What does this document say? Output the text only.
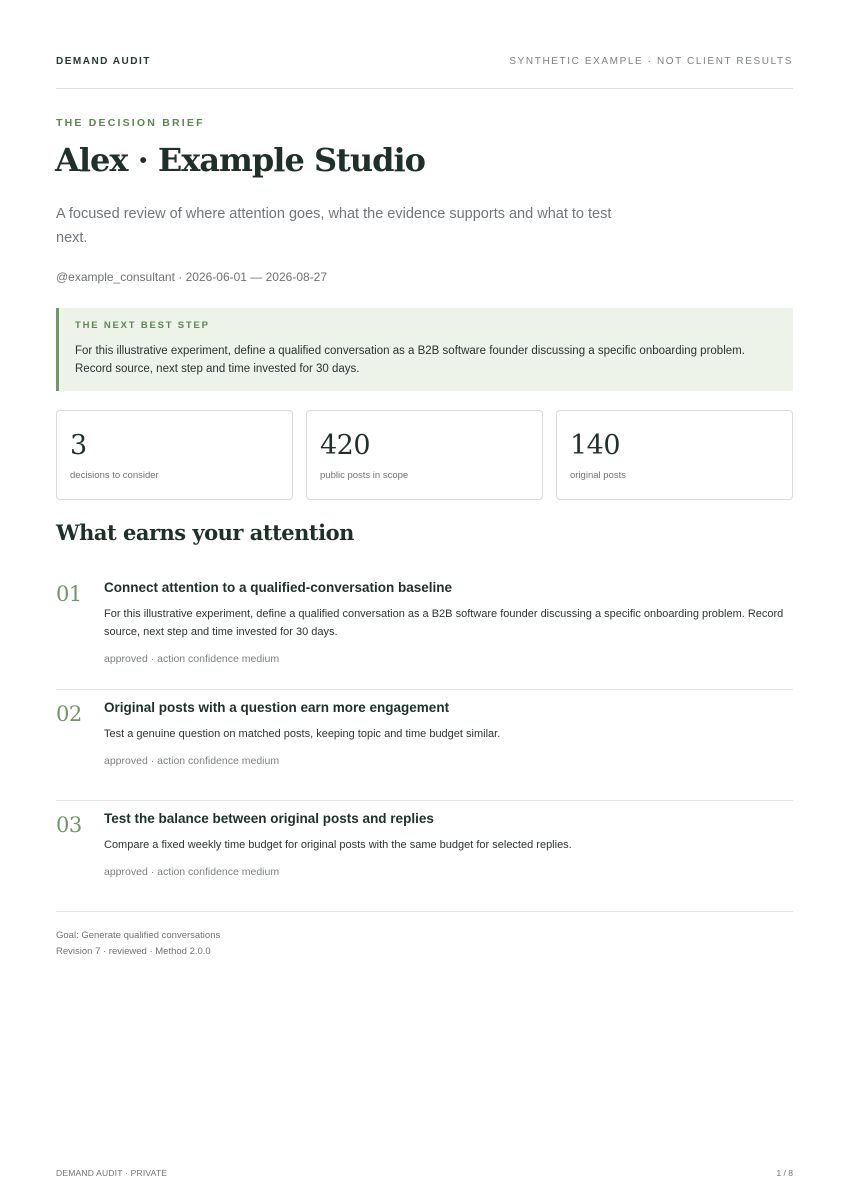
DEMAND AUDIT	SYNTHETIC EXAMPLE · NOT CLIENT RESULTS
THE DECISION BRIEF
Alex · Example Studio

A focused review of where attention goes, what the evidence supports and what to test next.

@example_consultant · 2026-06-01 — 2026-08-27
THE NEXT BEST STEP
For this illustrative experiment, define a qualified conversation as a B2B software founder discussing a specific onboarding problem. Record source, next step and time invested for 30 days.
3
decisions to consider
420
public posts in scope
140
original posts
What earns your attention
01 Connect attention to a qualified-conversation baseline
For this illustrative experiment, define a qualified conversation as a B2B software founder discussing a specific onboarding problem. Record source, next step and time invested for 30 days.
approved · action confidence medium
02 Original posts with a question earn more engagement
Test a genuine question on matched posts, keeping topic and time budget similar.
approved · action confidence medium
03 Test the balance between original posts and replies
Compare a fixed weekly time budget for original posts with the same budget for selected replies.
approved · action confidence medium
Goal: Generate qualified conversations
Revision 7 · reviewed · Method 2.0.0
DEMAND AUDIT · PRIVATE	1 / 8
